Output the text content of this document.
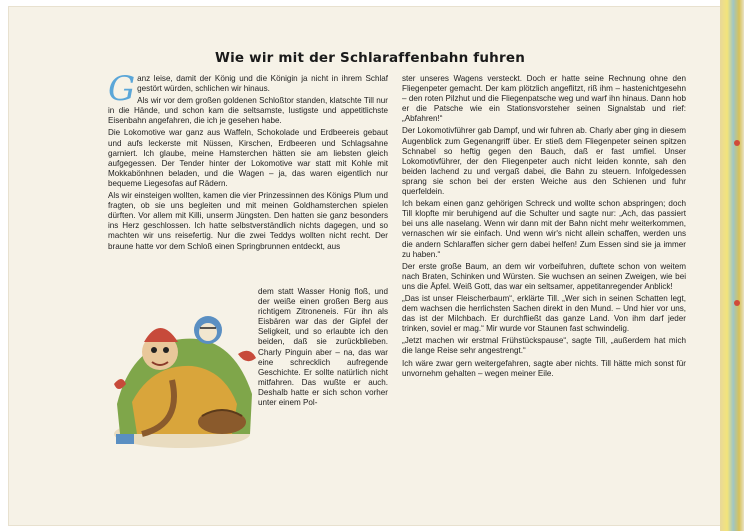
Wie wir mit der Schlaraffenbahn fuhren

Ganz leise, damit der König und die Königin ja nicht in ihrem Schlaf gestört würden, schlichen wir hinaus.

Als wir vor dem großen goldenen Schloßtor standen, klatschte Till nur in die Hände, und schon kam die seltsamste, lustigste und appetitlichste Eisenbahn angefahren, die ich je gesehen habe.

Die Lokomotive war ganz aus Waffeln, Schokolade und Erdbeereis gebaut und aufs leckerste mit Nüssen, Kirschen, Erdbeeren und Schlagsahne garniert. Ich glaube, meine Hamsterchen hätten sie am liebsten gleich aufgegessen. Der Tender hinter der Lokomotive war statt mit Kohle mit Mokkabönhnen beladen, und die Wagen – ja, das waren eigentlich nur bequeme Liegesofas auf Rädern.

Als wir einsteigen wollten, kamen die vier Prinzessinnen des Königs Plum und fragten, ob sie uns begleiten und mit meinen Goldhamsterchen spielen dürften. Vor allem mit Killi, unserm Jüngsten. Den hatten sie ganz besonders ins Herz geschlossen. Ich hatte selbstverständlich nichts dagegen, und so machten wir uns reisefertig. Nur die zwei Teddys wollten nicht recht. Der braune hatte vor dem Schloß einen Springbrunnen entdeckt, aus

dem statt Wasser Honig floß, und der weiße einen großen Berg aus richtigem Zitroneneis. Für ihn als Eisbären war das der Gipfel der Seligkeit, und so erlaubte ich den beiden, daß sie zurückblieben. Charly Pinguin aber – na, das war eine schrecklich aufregende Geschichte. Er sollte natürlich nicht mitfahren. Das wußte er auch. Deshalb hatte er sich schon vorher unter einem Pol-

ster unseres Wagens versteckt. Doch er hatte seine Rechnung ohne den Fliegenpeter gemacht. Der kam plötzlich angeflitzt, riß ihm – hastenichtgesehn – den roten Pilzhut und die Fliegenpatsche weg und warf ihn hinaus. Dann hob er die Patsche wie ein Stationsvorsteher seinen Signalstab und rief: „Abfahren!“

Der Lokomotivführer gab Dampf, und wir fuhren ab. Charly aber ging in diesem Augenblick zum Gegenangriff über. Er stieß dem Fliegenpeter seinen spitzen Schnabel so heftig gegen den Bauch, daß er fast umfiel. Unser Lokomotivführer, der den Fliegenpeter auch nicht leiden konnte, sah den beiden lachend zu und vergaß dabei, die Bahn zu steuern. Infolgedessen sprang sie schon bei der ersten Weiche aus den Schienen und fuhr querfeldein.

Ich bekam einen ganz gehörigen Schreck und wollte schon abspringen; doch Till klopfte mir beruhigend auf die Schulter und sagte nur: „Ach, das passiert bei uns alle naselang. Wenn wir dann mit der Bahn nicht mehr weiterkommen, vernaschen wir sie einfach. Und wenn wir's nicht allein schaffen, werden uns die andern Schlaraffen sicher gern dabei helfen! Zum Essen sind sie ja immer zu haben.“

Der erste große Baum, an dem wir vorbeifuhren, duftete schon von weitem nach Braten, Schinken und Würsten. Sie wuchsen an seinen Zweigen, wie bei uns die Äpfel. Weiß Gott, das war ein seltsamer, appetitanregender Anblick!

„Das ist unser Fleischerbaum“, erklärte Till. „Wer sich in seinen Schatten legt, dem wachsen die herrlichsten Sachen direkt in den Mund. – Und hier vor uns, das ist der Milchbach. Er durchfließt das ganze Land. Von ihm darf jeder trinken, soviel er mag.“ Mir wurde vor Staunen fast schwindelig.

„Jetzt machen wir erstmal Frühstückspause“, sagte Till, „außerdem hat mich die lange Reise sehr angestrengt.“

Ich wäre zwar gern weitergefahren, sagte aber nichts. Till hätte mich sonst für unvornehm gehalten – wegen meiner Eile.
